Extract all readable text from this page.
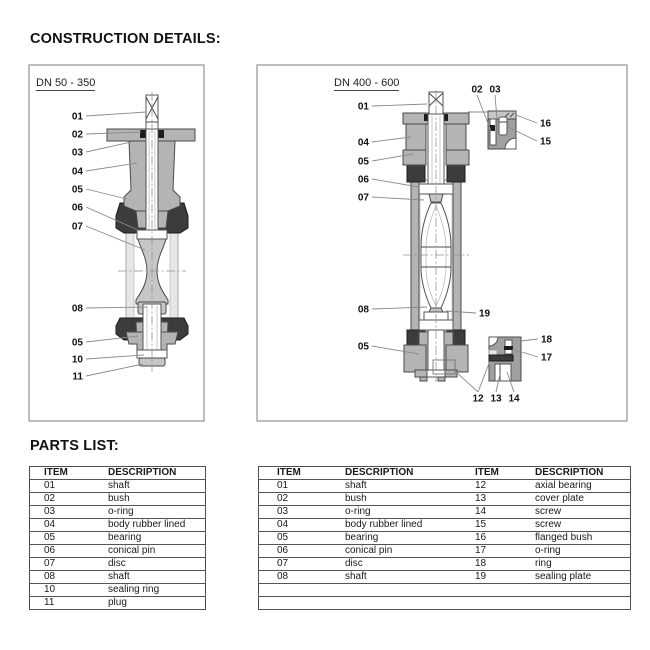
CONSTRUCTION DETAILS:
01
02
03
04
05
06
07
08
05
10
11
01
04
05
06
07
08
05
19
16
15
18
17
02 03
12 13 14
DN 50 - 350	DN 400 - 600
PARTS LIST:
ITEM	DESCRIPTION
01	shaft
02	bush
03	o-ring
04	body rubber lined
05	bearing
06	conical pin
07	disc
08	shaft
10	sealing ring
11	plug
ITEM	DESCRIPTION	ITEM	DESCRIPTION
01	shaft	12	axial bearing
02	bush	13	cover plate
03	o-ring	14	screw
04	body rubber lined	15	screw
05	bearing	16	flanged bush
06	conical pin	17	o-ring
07	disc	18	ring
08	shaft	19	sealing plate
